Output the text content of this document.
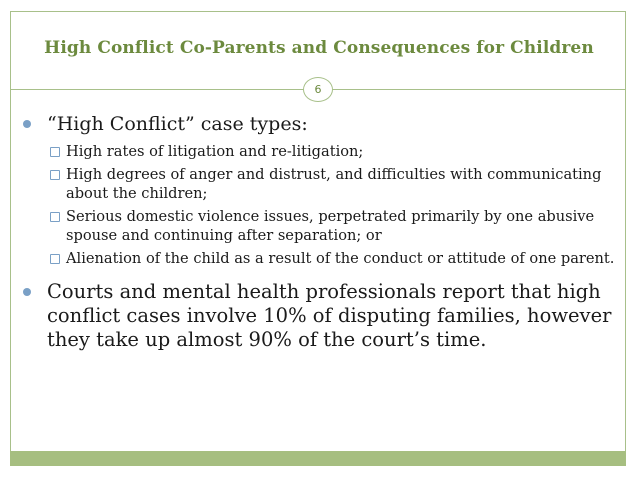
High Conflict Co-Parents and Consequences for Children
6
“High Conflict” case types:
High rates of litigation and re-litigation;
High degrees of anger and distrust, and difficulties with communicating about the children;
Serious domestic violence issues, perpetrated primarily by one abusive spouse and continuing after separation; or
Alienation of the child as a result of the conduct or attitude of one parent.
Courts and mental health professionals report that high conflict cases involve 10% of disputing families, however they take up almost 90% of the court’s time.
